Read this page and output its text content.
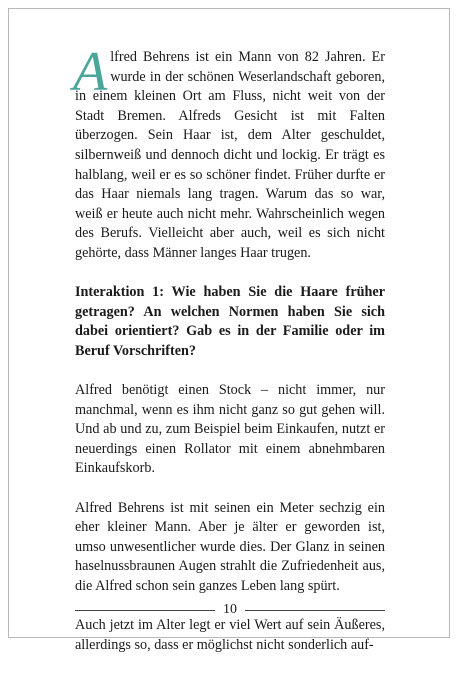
Alfred Behrens ist ein Mann von 82 Jahren. Er wurde in der schönen Weserlandschaft geboren, in einem kleinen Ort am Fluss, nicht weit von der Stadt Bremen. Alfreds Gesicht ist mit Falten überzogen. Sein Haar ist, dem Alter geschuldet, silbernweiß und dennoch dicht und lockig. Er trägt es halblang, weil er es so schöner findet. Früher durfte er das Haar niemals lang tragen. Warum das so war, weiß er heute auch nicht mehr. Wahrscheinlich wegen des Berufs. Vielleicht aber auch, weil es sich nicht gehörte, dass Männer langes Haar trugen.

Interaktion 1: Wie haben Sie die Haare früher getragen? An welchen Normen haben Sie sich dabei orientiert? Gab es in der Familie oder im Beruf Vorschriften?

Alfred benötigt einen Stock – nicht immer, nur manchmal, wenn es ihm nicht ganz so gut gehen will. Und ab und zu, zum Beispiel beim Einkaufen, nutzt er neuerdings einen Rollator mit einem abnehmbaren Einkaufskorb.

Alfred Behrens ist mit seinen ein Meter sechzig ein eher kleiner Mann. Aber je älter er geworden ist, umso unwesentlicher wurde dies. Der Glanz in seinen haselnussbraunen Augen strahlt die Zufriedenheit aus, die Alfred schon sein ganzes Leben lang spürt.

Auch jetzt im Alter legt er viel Wert auf sein Äußeres, allerdings so, dass er möglichst nicht sonderlich auf-

10
